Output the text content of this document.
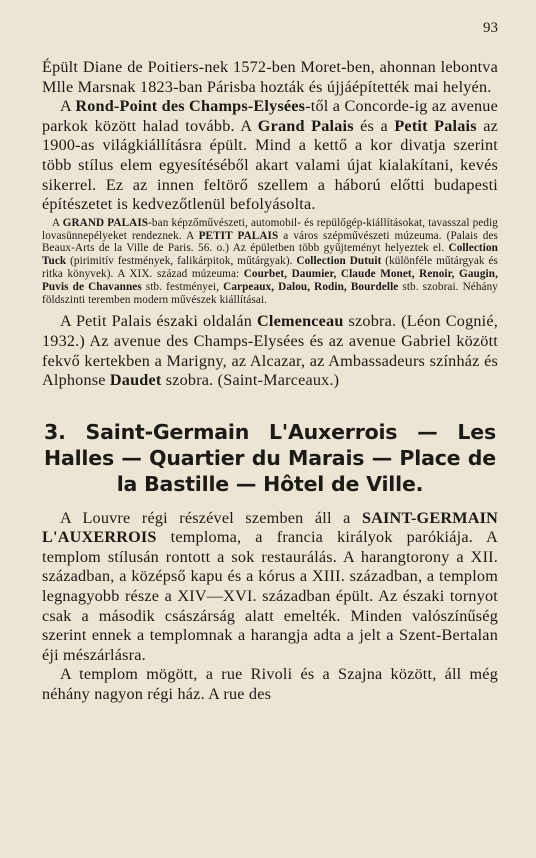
93

Épült Diane de Poitiers-nek 1572-ben Moret-ben, ahonnan lebontva Mlle Marsnak 1823-ban Párisba hozták és újjáépítették mai helyén.

A Rond-Point des Champs-Elysées-től a Concorde-ig az avenue parkok között halad tovább. A Grand Palais és a Petit Palais az 1900-as világkiállításra épült. Mind a kettő a kor divatja szerint több stílus elem egyesítéséből akart valami újat kialakítani, kevés sikerrel. Ez az innen feltörő szellem a háború előtti budapesti építészetet is kedvezőtlenül befolyásolta.

A GRAND PALAIS-ban képzőművészeti, automobil- és repülőgép-kiállításokat, tavasszal pedig lovasünnepélyeket rendeznek. A PETIT PALAIS a város szépművészeti múzeuma. (Palais des Beaux-Arts de la Ville de Paris. 56. o.) Az épületben több gyűjteményt helyeztek el. Collection Tuck (pirimitív festmények, falikárpitok, műtárgyak). Collection Dutuit (különféle műtárgyak és ritka könyvek). A XIX. század múzeuma: Courbet, Daumier, Claude Monet, Renoir, Gaugin, Puvis de Chavannes stb. festményei, Carpeaux, Dalou, Rodin, Bourdelle stb. szobrai. Néhány földszinti teremben modern művészek kiállításai.

A Petit Palais északi oldalán Clemenceau szobra. (Léon Cognié, 1932.) Az avenue des Champs-Elysées és az avenue Gabriel között fekvő kertekben a Marigny, az Alcazar, az Ambassadeurs színház és Alphonse Daudet szobra. (Saint-Marceaux.)

3. Saint-Germain L'Auxerrois — Les Halles — Quartier du Marais — Place de la Bastille — Hôtel de Ville.

A Louvre régi részével szemben áll a SAINT-GERMAIN L'AUXERROIS temploma, a francia királyok parókiája. A templom stílusán rontott a sok restaurálás. A harangtorony a XII. században, a középső kapu és a kórus a XIII. században, a templom legnagyobb része a XIV—XVI. században épült. Az északi tornyot csak a második császárság alatt emelték. Minden valószínűség szerint ennek a templomnak a harangja adta a jelt a Szent-Bertalan éji mészárlásra.

A templom mögött, a rue Rivoli és a Szajna között, áll még néhány nagyon régi ház. A rue des
